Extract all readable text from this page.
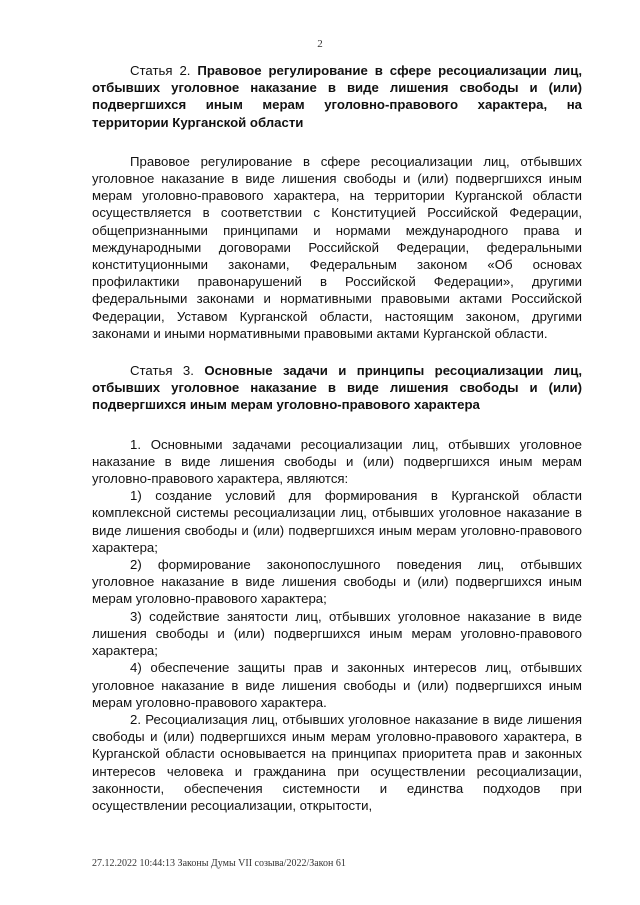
2

Статья 2. Правовое регулирование в сфере ресоциализации лиц, отбывших уголовное наказание в виде лишения свободы и (или) подвергшихся иным мерам уголовно-правового характера, на территории Курганской области

Правовое регулирование в сфере ресоциализации лиц, отбывших уголовное наказание в виде лишения свободы и (или) подвергшихся иным мерам уголовно-правового характера, на территории Курганской области осуществляется в соответствии с Конституцией Российской Федерации, общепризнанными принципами и нормами международного права и международными договорами Российской Федерации, федеральными конституционными законами, Федеральным законом «Об основах профилактики правонарушений в Российской Федерации», другими федеральными законами и нормативными правовыми актами Российской Федерации, Уставом Курганской области, настоящим законом, другими законами и иными нормативными правовыми актами Курганской области.

Статья 3. Основные задачи и принципы ресоциализации лиц, отбывших уголовное наказание в виде лишения свободы и (или) подвергшихся иным мерам уголовно-правового характера

1. Основными задачами ресоциализации лиц, отбывших уголовное наказание в виде лишения свободы и (или) подвергшихся иным мерам уголовно-правового характера, являются:

1) создание условий для формирования в Курганской области комплексной системы ресоциализации лиц, отбывших уголовное наказание в виде лишения свободы и (или) подвергшихся иным мерам уголовно-правового характера;

2) формирование законопослушного поведения лиц, отбывших уголовное наказание в виде лишения свободы и (или) подвергшихся иным мерам уголовно-правового характера;

3) содействие занятости лиц, отбывших уголовное наказание в виде лишения свободы и (или) подвергшихся иным мерам уголовно-правового характера;

4) обеспечение защиты прав и законных интересов лиц, отбывших уголовное наказание в виде лишения свободы и (или) подвергшихся иным мерам уголовно-правового характера.

2. Ресоциализация лиц, отбывших уголовное наказание в виде лишения свободы и (или) подвергшихся иным мерам уголовно-правового характера, в Курганской области основывается на принципах приоритета прав и законных интересов человека и гражданина при осуществлении ресоциализации, законности, обеспечения системности и единства подходов при осуществлении ресоциализации, открытости,

27.12.2022 10:44:13 Законы Думы VII созыва/2022/Закон 61
